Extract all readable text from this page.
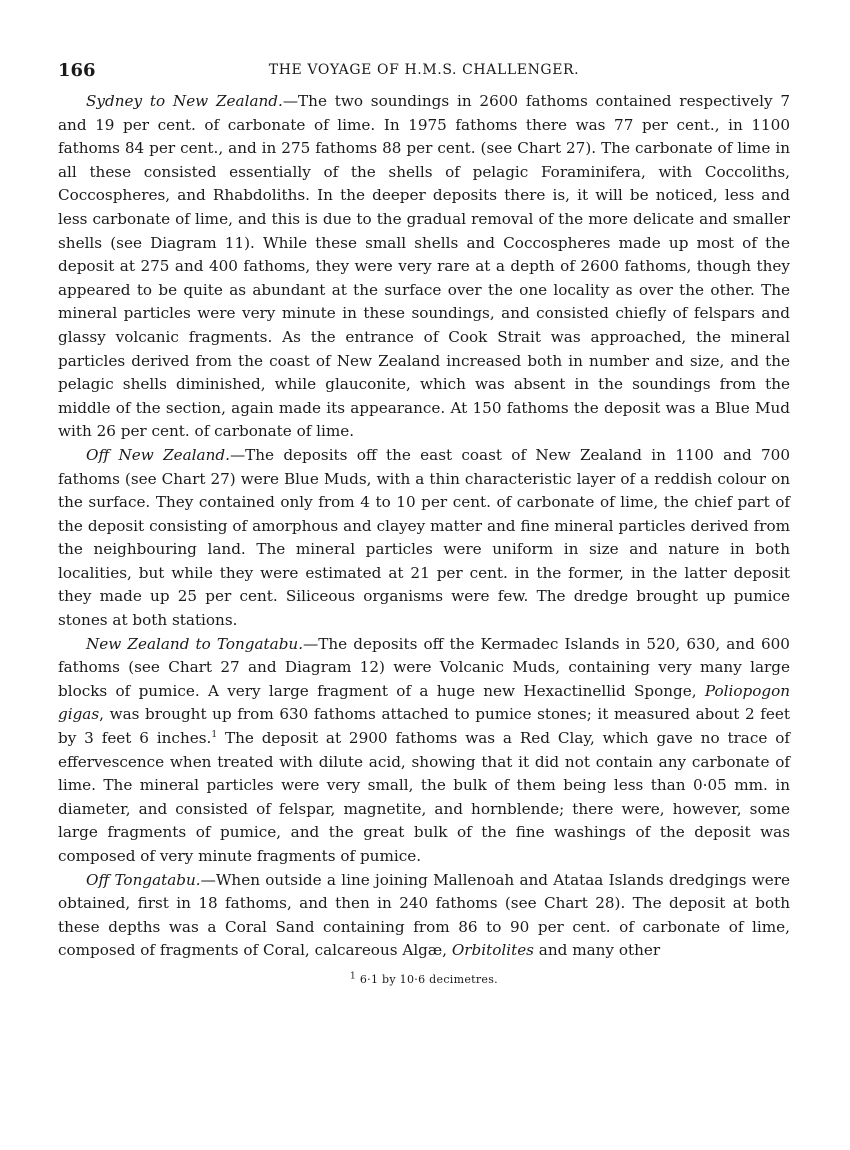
166	THE VOYAGE OF H.M.S. CHALLENGER.

Sydney to New Zealand.—The two soundings in 2600 fathoms contained respectively 7 and 19 per cent. of carbonate of lime. In 1975 fathoms there was 77 per cent., in 1100 fathoms 84 per cent., and in 275 fathoms 88 per cent. (see Chart 27). The carbonate of lime in all these consisted essentially of the shells of pelagic Foraminifera, with Coccoliths, Coccospheres, and Rhabdoliths. In the deeper deposits there is, it will be noticed, less and less carbonate of lime, and this is due to the gradual removal of the more delicate and smaller shells (see Diagram 11). While these small shells and Coccospheres made up most of the deposit at 275 and 400 fathoms, they were very rare at a depth of 2600 fathoms, though they appeared to be quite as abundant at the surface over the one locality as over the other. The mineral particles were very minute in these soundings, and consisted chiefly of felspars and glassy volcanic fragments. As the entrance of Cook Strait was approached, the mineral particles derived from the coast of New Zealand increased both in number and size, and the pelagic shells diminished, while glauconite, which was absent in the soundings from the middle of the section, again made its appearance. At 150 fathoms the deposit was a Blue Mud with 26 per cent. of carbonate of lime.

Off New Zealand.—The deposits off the east coast of New Zealand in 1100 and 700 fathoms (see Chart 27) were Blue Muds, with a thin characteristic layer of a reddish colour on the surface. They contained only from 4 to 10 per cent. of carbonate of lime, the chief part of the deposit consisting of amorphous and clayey matter and fine mineral particles derived from the neighbouring land. The mineral particles were uniform in size and nature in both localities, but while they were estimated at 21 per cent. in the former, in the latter deposit they made up 25 per cent. Siliceous organisms were few. The dredge brought up pumice stones at both stations.

New Zealand to Tongatabu.—The deposits off the Kermadec Islands in 520, 630, and 600 fathoms (see Chart 27 and Diagram 12) were Volcanic Muds, containing very many large blocks of pumice. A very large fragment of a huge new Hexactinellid Sponge, Poliopogon gigas, was brought up from 630 fathoms attached to pumice stones; it measured about 2 feet by 3 feet 6 inches.$^1$ The deposit at 2900 fathoms was a Red Clay, which gave no trace of effervescence when treated with dilute acid, showing that it did not contain any carbonate of lime. The mineral particles were very small, the bulk of them being less than 0·05 mm. in diameter, and consisted of felspar, magnetite, and hornblende; there were, however, some large fragments of pumice, and the great bulk of the fine washings of the deposit was composed of very minute fragments of pumice.

Off Tongatabu.—When outside a line joining Mallenoah and Atataa Islands dredgings were obtained, first in 18 fathoms, and then in 240 fathoms (see Chart 28). The deposit at both these depths was a Coral Sand containing from 86 to 90 per cent. of carbonate of lime, composed of fragments of Coral, calcareous Algæ, Orbitolites and many other

$^1$ 6·1 by 10·6 decimetres.
